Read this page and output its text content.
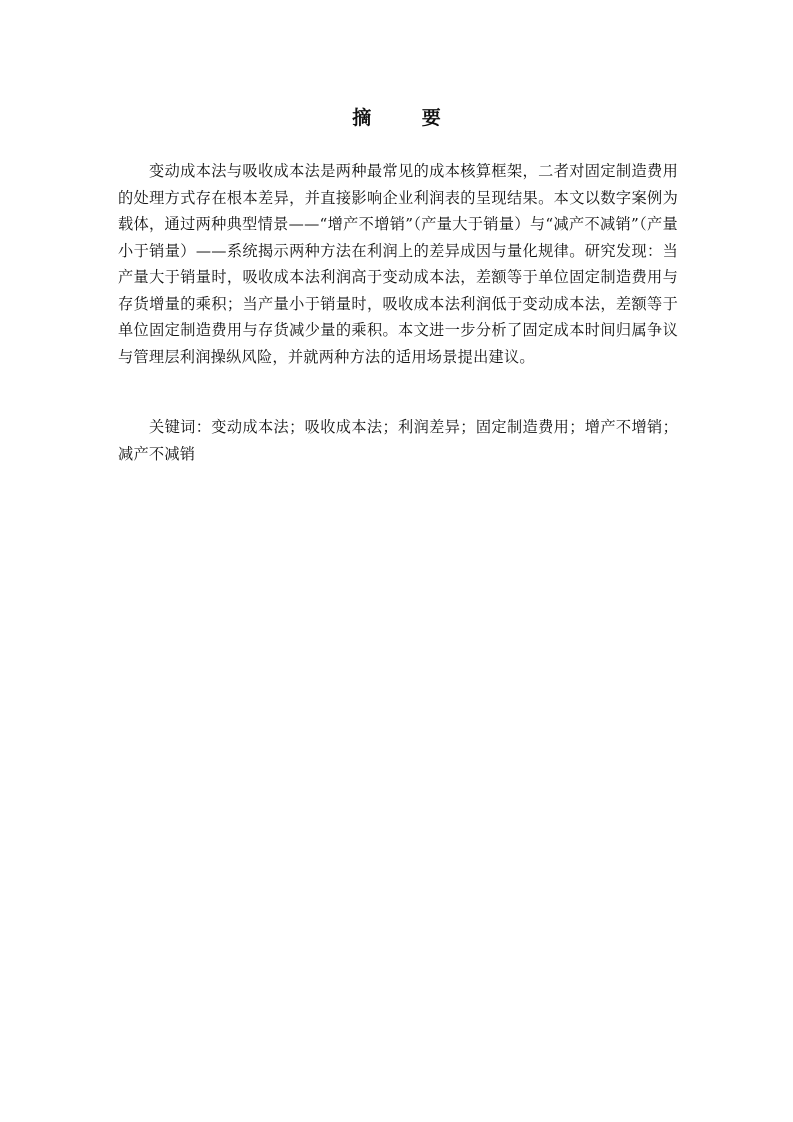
摘 要

变动成本法与吸收成本法是两种最常见的成本核算框架，二者对固定制造费用的处理方式存在根本差异，并直接影响企业利润表的呈现结果。本文以数字案例为载体，通过两种典型情景——“增产不增销”（产量大于销量）与“减产不减销”（产量小于销量）——系统揭示两种方法在利润上的差异成因与量化规律。研究发现：当产量大于销量时，吸收成本法利润高于变动成本法，差额等于单位固定制造费用与存货增量的乘积；当产量小于销量时，吸收成本法利润低于变动成本法，差额等于单位固定制造费用与存货减少量的乘积。本文进一步分析了固定成本时间归属争议与管理层利润操纵风险，并就两种方法的适用场景提出建议。

关键词：变动成本法；吸收成本法；利润差异；固定制造费用；增产不增销；减产不减销
